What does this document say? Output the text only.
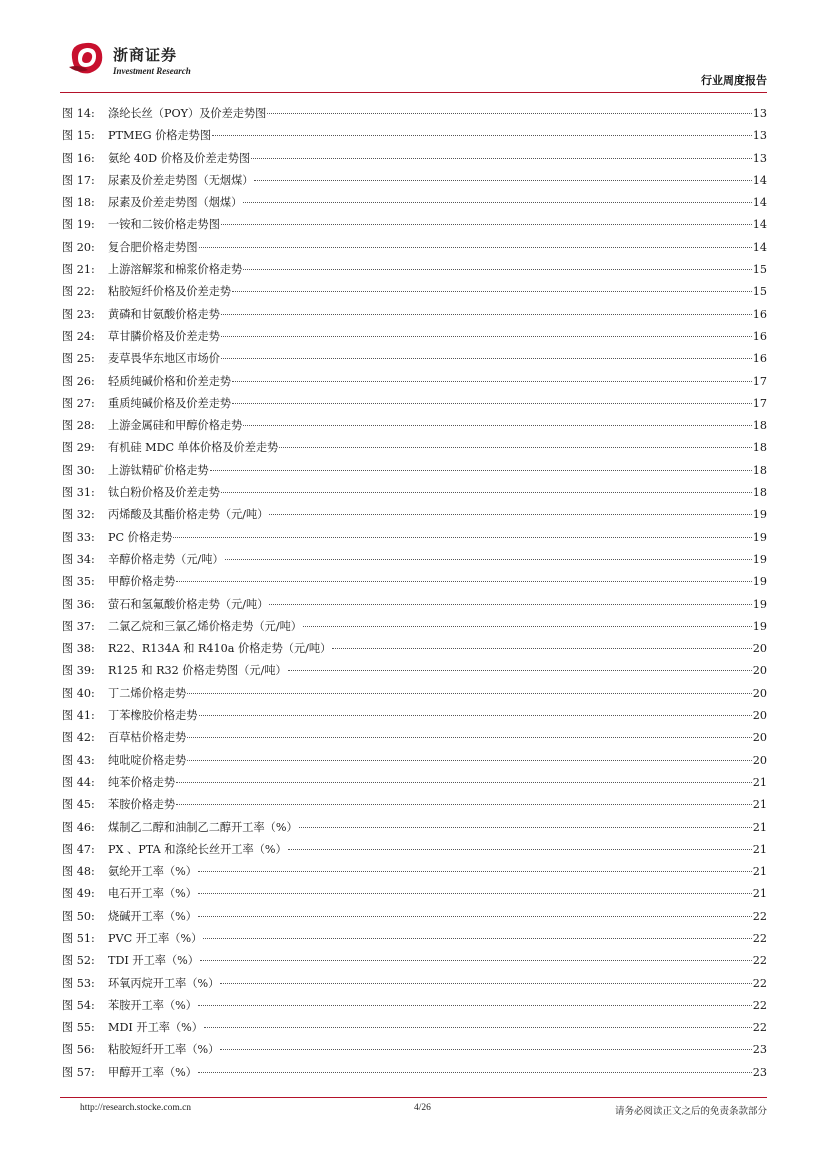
浙商证券
Investment Research
行业周度报告
图 14:	涤纶长丝（POY）及价差走势图	13
图 15:	PTMEG 价格走势图	13
图 16:	氨纶 40D 价格及价差走势图	13
图 17:	尿素及价差走势图（无烟煤）	14
图 18:	尿素及价差走势图（烟煤）	14
图 19:	一铵和二铵价格走势图	14
图 20:	复合肥价格走势图	14
图 21:	上游溶解浆和棉浆价格走势	15
图 22:	粘胶短纤价格及价差走势	15
图 23:	黄磷和甘氨酸价格走势	16
图 24:	草甘膦价格及价差走势	16
图 25:	麦草畏华东地区市场价	16
图 26:	轻质纯碱价格和价差走势	17
图 27:	重质纯碱价格及价差走势	17
图 28:	上游金属硅和甲醇价格走势	18
图 29:	有机硅 MDC 单体价格及价差走势	18
图 30:	上游钛精矿价格走势	18
图 31:	钛白粉价格及价差走势	18
图 32:	丙烯酸及其酯价格走势（元/吨）	19
图 33:	PC 价格走势	19
图 34:	辛醇价格走势（元/吨）	19
图 35:	甲醇价格走势	19
图 36:	萤石和氢氟酸价格走势（元/吨）	19
图 37:	二氯乙烷和三氯乙烯价格走势（元/吨）	19
图 38:	R22、R134A 和 R410a 价格走势（元/吨）	20
图 39:	R125 和 R32 价格走势图（元/吨）	20
图 40:	丁二烯价格走势	20
图 41:	丁苯橡胶价格走势	20
图 42:	百草枯价格走势	20
图 43:	纯吡啶价格走势	20
图 44:	纯苯价格走势	21
图 45:	苯胺价格走势	21
图 46:	煤制乙二醇和油制乙二醇开工率（%）	21
图 47:	PX 、PTA 和涤纶长丝开工率（%）	21
图 48:	氨纶开工率（%）	21
图 49:	电石开工率（%）	21
图 50:	烧碱开工率（%）	22
图 51:	PVC 开工率（%）	22
图 52:	TDI 开工率（%）	22
图 53:	环氧丙烷开工率（%）	22
图 54:	苯胺开工率（%）	22
图 55:	MDI 开工率（%）	22
图 56:	粘胶短纤开工率（%）	23
图 57:	甲醇开工率（%）	23
http://research.stocke.com.cn	4/26	请务必阅读正文之后的免责条款部分
